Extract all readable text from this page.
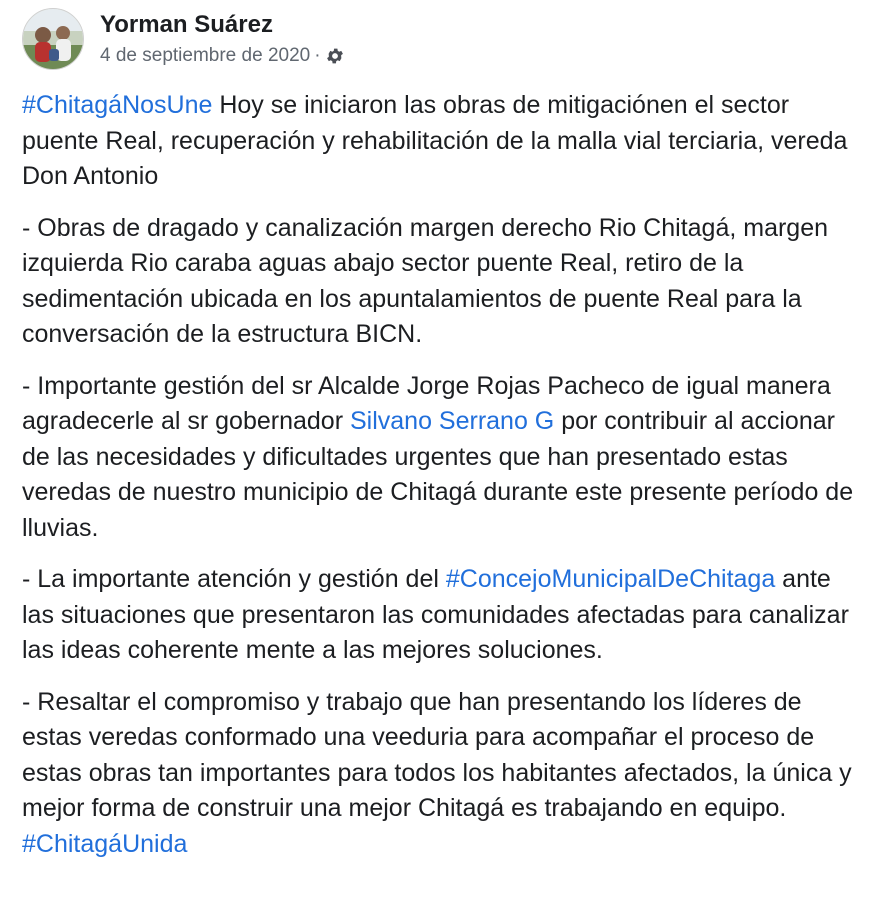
Yorman Suárez
4 de septiembre de 2020 ·

#ChitagáNosUne Hoy se iniciaron las obras de mitigaciónen el sector puente Real, recuperación y rehabilitación de la malla vial terciaria, vereda Don Antonio

- Obras de dragado y canalización margen derecho Rio Chitagá, margen izquierda Rio caraba aguas abajo sector puente Real, retiro de la sedimentación ubicada en los apuntalamientos de puente Real para la conversación de la estructura BICN.

- Importante gestión del sr Alcalde Jorge Rojas Pacheco de igual manera agradecerle al sr gobernador Silvano Serrano G por contribuir al accionar de las necesidades y dificultades urgentes que han presentado estas veredas de nuestro municipio de Chitagá durante este presente período de lluvias.

- La importante atención y gestión del #ConcejoMunicipalDeChitaga ante las situaciones que presentaron las comunidades afectadas para canalizar las ideas coherente mente a las mejores soluciones.

- Resaltar el compromiso y trabajo que han presentando los líderes de estas veredas conformado una veeduria para acompañar el proceso de estas obras tan importantes para todos los habitantes afectados, la única y mejor forma de construir una mejor Chitagá es trabajando en equipo. #ChitagáUnida
